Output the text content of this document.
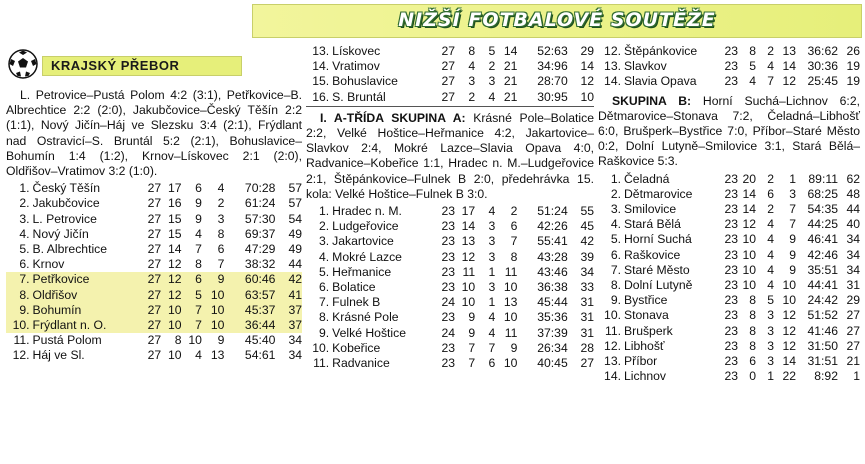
NIŽŠÍ FOTBALOVÉ SOUTĚŽE
KRAJSKÝ PŘEBOR
L. Petrovice–Pustá Polom 4:2 (3:1), Petřkovice–B. Albrechtice 2:2 (2:0), Jakubčovice–Český Těšín 2:2 (1:1), Nový Jičín–Háj ve Slezsku 3:4 (2:1), Frýdlant nad Ostravicí–S. Bruntál 5:2 (2:1), Bohuslavice–Bohumín 1:4 (1:2), Krnov–Lískovec 2:1 (2:0), Oldřišov–Vratimov 3:2 (1:0).
1.	Český Těšín	27	17	6	4	70:28	57
2.	Jakubčovice	27	16	9	2	61:24	57
3.	L. Petrovice	27	15	9	3	57:30	54
4.	Nový Jičín	27	15	4	8	69:37	49
5.	B. Albrechtice	27	14	7	6	47:29	49
6.	Krnov	27	12	8	7	38:32	44
7.	Petřkovice	27	12	6	9	60:46	42
8.	Oldřišov	27	12	5	10	63:57	41
9.	Bohumín	27	10	7	10	45:37	37
10.	Frýdlant n. O.	27	10	7	10	36:44	37
11.	Pustá Polom	27	8	10	9	45:40	34
12.	Háj ve Sl.	27	10	4	13	54:61	34
13.	Lískovec	27	8	5	14	52:63	29
14.	Vratimov	27	4	2	21	34:96	14
15.	Bohuslavice	27	3	3	21	28:70	12
16.	S. Bruntál	27	2	4	21	30:95	10
I. A-TŘÍDA SKUPINA A: Krásné Pole–Bolatice 2:2, Velké Hoštice–Heřmanice 4:2, Jakartovice–Slavkov 2:4, Mokré Lazce–Slavia Opava 4:0, Radvanice–Kobeřice 1:1, Hradec n. M.–Ludgeřovice 2:1, Štěpánkovice–Fulnek B 2:0, předehrávka 15. kola: Velké Hoštice–Fulnek B 3:0.
1.	Hradec n. M.	23	17	4	2	51:24	55
2.	Ludgeřovice	23	14	3	6	42:26	45
3.	Jakartovice	23	13	3	7	55:41	42
4.	Mokré Lazce	23	12	3	8	43:28	39
5.	Heřmanice	23	11	1	11	43:46	34
6.	Bolatice	23	10	3	10	36:38	33
7.	Fulnek B	24	10	1	13	45:44	31
8.	Krásné Pole	23	9	4	10	35:36	31
9.	Velké Hoštice	24	9	4	11	37:39	31
10.	Kobeřice	23	7	7	9	26:34	28
11.	Radvanice	23	7	6	10	40:45	27
12.	Štěpánkovice	23	8	2	13	36:62	26
13.	Slavkov	23	5	4	14	30:36	19
14.	Slavia Opava	23	4	7	12	25:45	19
SKUPINA B: Horní Suchá–Lichnov 6:2, Dětmarovice–Stonava 7:2, Čeladná–Libhošť 6:0, Brušperk–Bystřice 7:0, Příbor–Staré Město 0:2, Dolní Lutyně–Smilovice 3:1, Stará Bělá–Raškovice 5:3.
1.	Čeladná	23	20	2	1	89:11	62
2.	Dětmarovice	23	14	6	3	68:25	48
3.	Smilovice	23	14	2	7	54:35	44
4.	Stará Bělá	23	12	4	7	44:25	40
5.	Horní Suchá	23	10	4	9	46:41	34
6.	Raškovice	23	10	4	9	42:46	34
7.	Staré Město	23	10	4	9	35:51	34
8.	Dolní Lutyně	23	10	4	10	44:41	31
9.	Bystřice	23	8	5	10	24:42	29
10.	Stonava	23	8	3	12	51:52	27
11.	Brušperk	23	8	3	12	41:46	27
12.	Libhošť	23	8	3	12	31:50	27
13.	Příbor	23	6	3	14	31:51	21
14.	Lichnov	23	0	1	22	8:92	1
